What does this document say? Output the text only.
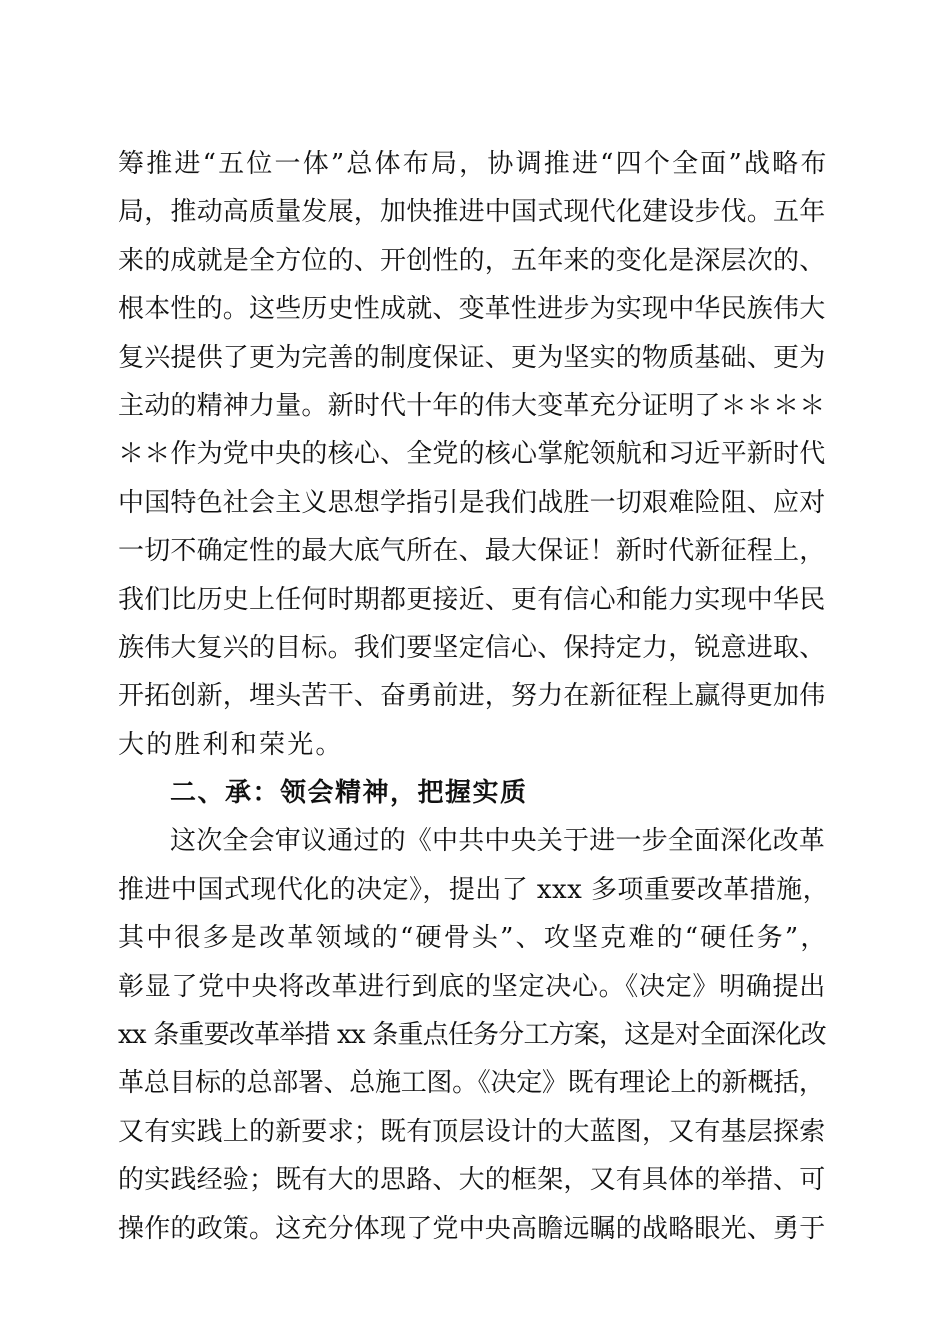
筹推进“五位一体”总体布局，协调推进“四个全面”战略布
局，推动高质量发展，加快推进中国式现代化建设步伐。五年
来的成就是全方位的、开创性的，五年来的变化是深层次的、
根本性的。这些历史性成就、变革性进步为实现中华民族伟大
复兴提供了更为完善的制度保证、更为坚实的物质基础、更为
主动的精神力量。新时代十年的伟大变革充分证明了＊＊＊＊
＊＊作为党中央的核心、全党的核心掌舵领航和习近平新时代
中国特色社会主义思想学指引是我们战胜一切艰难险阻、应对
一切不确定性的最大底气所在、最大保证！新时代新征程上，
我们比历史上任何时期都更接近、更有信心和能力实现中华民
族伟大复兴的目标。我们要坚定信心、保持定力，锐意进取、
开拓创新，埋头苦干、奋勇前进，努力在新征程上赢得更加伟
大的胜利和荣光。
二、承：领会精神，把握实质
这次全会审议通过的《中共中央关于进一步全面深化改革
推进中国式现代化的决定》，提出了 xxx 多项重要改革措施，
其中很多是改革领域的“硬骨头”、攻坚克难的“硬任务”，
彰显了党中央将改革进行到底的坚定决心。《决定》明确提出
xx 条重要改革举措 xx 条重点任务分工方案，这是对全面深化改
革总目标的总部署、总施工图。《决定》既有理论上的新概括，
又有实践上的新要求；既有顶层设计的大蓝图，又有基层探索
的实践经验；既有大的思路、大的框架，又有具体的举措、可
操作的政策。这充分体现了党中央高瞻远瞩的战略眼光、勇于
